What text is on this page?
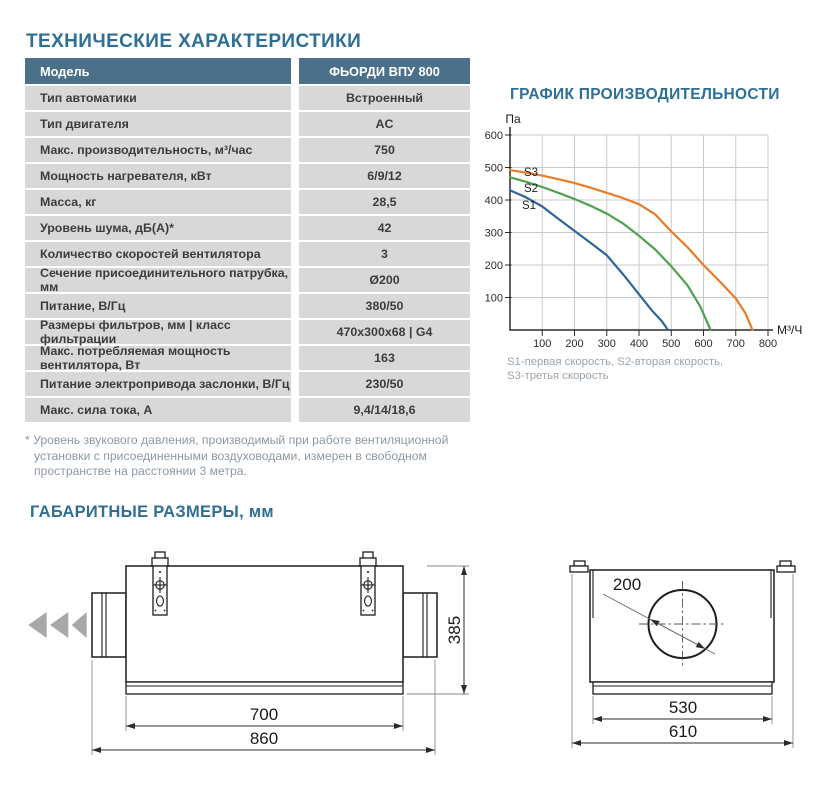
ТЕХНИЧЕСКИЕ ХАРАКТЕРИСТИКИ
Модель	ФЬОРДИ ВПУ 800
Тип автоматики	Встроенный
Тип двигателя	AC
Макс. производительность, м³/час	750
Мощность нагревателя, кВт	6/9/12
Масса, кг	28,5
Уровень шума, дБ(А)*	42
Количество скоростей вентилятора	3
Сечение присоединительного патрубка, мм	Ø200
Питание, В/Гц	380/50
Размеры фильтров, мм | класс фильтрации	470x300x68 | G4
Макс. потребляемая мощность вентилятора, Вт	163
Питание электропривода заслонки, В/Гц	230/50
Макс. сила тока, А	9,4/14/18,6
* Уровень звукового давления, производимый при работе вентиляционной установки с присоединенными воздуховодами, измерен в свободном пространстве на расстоянии 3 метра.
ГРАФИК ПРОИЗВОДИТЕЛЬНОСТИ
100 200 300 400 500 600 700 800
100
200
300
400
500
600
Па
М³/Ч
S1
S2
S3
S1-первая скорость, S2-вторая скорость,
S3-третья скорость
ГАБАРИТНЫЕ РАЗМЕРЫ, мм
385
700
860
200
530
610
